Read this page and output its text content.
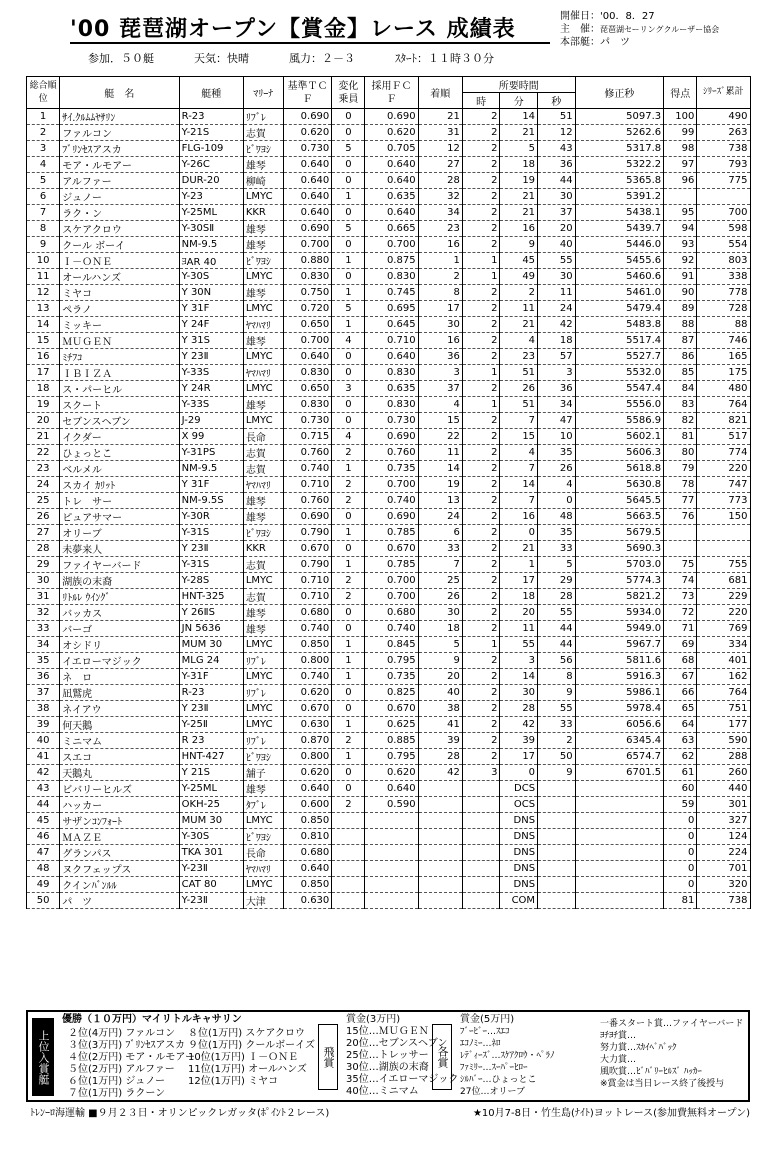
'00 琵琶湖オープン【賞金】レース 成績表
開催日：'00．8．27
主　催：琵琶湖セーリングクルーザー協会
本部艇：パ　ツ
参加．５０艇	天気：快晴	風力：２－３	ｽﾀｰﾄ：１１時３０分
総合順位	艇　名	艇種	ﾏﾘｰﾅ	基準ＴＣＦ	変化乗員	採用ＦＣＦ	着順	所要時間			修正秒	得点	ｼﾘｰｽﾞ累計	
								時	分	秒				
1	ｻｲ.ｸﾙﾑﾑﾔｻﾘﾝ	R-23	ﾘﾌﾞﾚ	0.690	0	0.690	21	2	14	51	5097.3	100	490	
2	ファルコン	Y-21S	志賀	0.620	0	0.620	31	2	21	12	5262.6	99	263	
3	ﾌﾞﾘﾝｾｽアスカ	FLG-109	ﾋﾞﾜﾖｼ	0.730	5	0.705	12	2	5	43	5317.8	98	738	
4	モア・ルモアー	Y-26C	雄琴	0.640	0	0.640	27	2	18	36	5322.2	97	793	
5	アルファー	DUR-20	柳崎	0.640	0	0.640	28	2	19	44	5365.8	96	775	
6	ジュノー	Y-23	LMYC	0.640	1	0.635	32	2	21	30	5391.2			
7	ラク・ン	Y-25ML	KKR	0.640	0	0.640	34	2	21	37	5438.1	95	700	
8	スケアクロウ	Y-30SⅡ	雄琴	0.690	5	0.665	23	2	16	20	5439.7	94	598	
9	クール ボーイ	NM-9.5	雄琴	0.700	0	0.700	16	2	9	40	5446.0	93	554	
10	Ｉ－ＯＮＥ	ﾖAR 40	ﾋﾞﾜﾖｼ	0.880	1	0.875	1	1	45	55	5455.6	92	803	
11	オールハンズ	Y-30S	LMYC	0.830	0	0.830	2	1	49	30	5460.6	91	338	
12	ミヤコ	Y 30N	雄琴	0.750	1	0.745	8	2	2	11	5461.0	90	778	
13	ペラノ	Y 31F	LMYC	0.720	5	0.695	17	2	11	24	5479.4	89	728	
14	ミッキー	Y 24F	ﾔﾏﾊﾏﾘ	0.650	1	0.645	30	2	21	42	5483.8	88	88	
15	ＭＵＧＥＮ	Y 31S	雄琴	0.700	4	0.710	16	2	4	18	5517.4	87	746	
16	ﾐﾁﾌｺ	Y 23Ⅱ	LMYC	0.640	0	0.640	36	2	23	57	5527.7	86	165	
17	ＩＢＩＺＡ	Y-33S	ﾔﾏﾊﾏﾘ	0.830	0	0.830	3	1	51	3	5532.0	85	175	
18	ス・パーヒル	Y 24R	LMYC	0.650	3	0.635	37	2	26	36	5547.4	84	480	
19	スクート	Y-33S	雄琴	0.830	0	0.830	4	1	51	34	5556.0	83	764	
20	セブンスヘブン	J-29	LMYC	0.730	0	0.730	15	2	7	47	5586.9	82	821	
21	イクダー	X 99	長命	0.715	4	0.690	22	2	15	10	5602.1	81	517	
22	ひょっとこ	Y-31PS	志賀	0.760	2	0.760	11	2	4	35	5606.3	80	774	
23	ベルメル	NM-9.5	志賀	0.740	1	0.735	14	2	7	26	5618.8	79	220	
24	スカイ ｶﾘｯﾄ	Y 31F	ﾔﾏﾊﾏﾘ	0.710	2	0.700	19	2	14	4	5630.8	78	747	
25	トレ　サー	NM-9.5S	雄琴	0.760	2	0.740	13	2	7	0	5645.5	77	773	
26	ピュアサマー	Y-30R	雄琴	0.690	0	0.690	24	2	16	48	5663.5	76	150	
27	オリーブ	Y-31S	ﾋﾞﾜﾖｼ	0.790	1	0.785	6	2	0	35	5679.5			
28	未夢来人	Y 23Ⅱ	KKR	0.670	0	0.670	33	2	21	33	5690.3			
29	ファイヤーバード	Y-31S	志賀	0.790	1	0.785	7	2	1	5	5703.0	75	755	
30	湖族の末裔	Y-28S	LMYC	0.710	2	0.700	25	2	17	29	5774.3	74	681	
31	ﾘﾄﾙﾚ ｳｲﾝｸﾞ	HNT-325	志賀	0.710	2	0.700	26	2	18	28	5821.2	73	229	
32	バッカス	Y 26ⅡS	雄琴	0.680	0	0.680	30	2	20	55	5934.0	72	220	
33	バーゴ	JN 5636	雄琴	0.740	0	0.740	18	2	11	44	5949.0	71	769	
34	オシドリ	MUM 30	LMYC	0.850	1	0.845	5	1	55	44	5967.7	69	334	
35	イエローマジック	MLG 24	ﾘﾌﾞﾚ	0.800	1	0.795	9	2	3	56	5811.6	68	401	
36	ネ　ロ	Y-31F	LMYC	0.740	1	0.735	20	2	14	8	5916.3	67	162	
37	凪鷲虎	R-23	ﾘﾌﾞﾚ	0.620	0	0.825	40	2	30	9	5986.1	66	764	
38	ネイアウ	Y 23Ⅱ	LMYC	0.670	0	0.670	38	2	28	55	5978.4	65	751	
39	何天鵝	Y-25Ⅱ	LMYC	0.630	1	0.625	41	2	42	33	6056.6	64	177	
40	ミニマム	R 23	ﾘﾌﾞﾚ	0.870	2	0.885	39	2	39	2	6345.4	63	590	
41	スエコ	HNT-427	ﾋﾞﾜﾖｼ	0.800	1	0.795	28	2	17	50	6574.7	62	288	
42	天鵝丸	Y 21S	舗子	0.620	0	0.620	42	3	0	9	6701.5	61	260	
43	ビバリーヒルズ	Y-25ML	雄琴	0.640	0	0.640			DCS			60	440	
44	ハッカー	OKH-25	ﾀﾌﾞﾚ	0.600	2	0.590			OCS			59	301	
45	サザンｺﾝﾌｫｰﾄ	MUM 30	LMYC	0.850					DNS			0	327	
46	ＭＡＺＥ	Y-30S	ﾋﾞﾜﾖｼ	0.810					DNS			0	124	
47	グランパス	TKA 301	長命	0.680					DNS			0	224	
48	ヌクフェップス	Y-23Ⅱ	ﾔﾏﾊﾏﾘ	0.640					DNS			0	701	
49	クインﾊﾞﾝﾙﾙ	CAT 80	LMYC	0.850					DNS			0	320	
50	パ　ツ	Y-23Ⅱ	大津	0.630					COM			81	738	
上位入賞艇
優勝（１０万円）マイリトルキャサリン
２位(4万円) ファルコン
３位(3万円) ﾌﾞﾘﾝｾｽアスカ
４位(2万円) モア・ルモアー
５位(2万円) アルファー
６位(1万円) ジュノー
７位(1万円) ラクーン
８位(1万円) スケアクロウ
９位(1万円) クールボーイズ
10位(1万円) Ｉ－ＯＮＥ
11位(1万円) オールハンズ
12位(1万円) ミヤコ
飛賞
賞金(3万円)
15位…ＭＵＧＥＮ
20位…セブンスヘブン
25位…トレッサー
30位…湖族の末裔
35位…イエローマジック
40位…ミニマム
各賞
賞金(5万円)
ﾌﾞｰﾋﾞｰ…ｽｴｺ
ｴｺﾉﾐｰ…ﾈﾛ
ﾚﾃﾞｨｰｽﾞ…ｽｹｱｸﾛｳ・ﾍﾟﾗﾉ
ﾌｧﾐﾘｰ…ｽｰﾊﾟｰﾋﾛｰ
ｼﾙﾊﾞｰ…ひょっとこ
27位…オリーブ
一番スタート賞…ファイヤーバード
ﾖﾁﾖﾁ賞…
努力賞…ｽｶｲﾍﾞﾊﾞｯｸ
大力賞…
風吹賞…ﾋﾞﾊﾞﾘｰﾋﾙｽﾞ ﾊｯｶｰ
※賞金は当日レース終了後授与
ﾄﾚﾝｰﾛ海運輸 ■９月２３日・オリンピックレガッタ(ﾎﾟｲﾝﾄ２レース)	★10月7-8日・竹生島(ﾅｲﾄ)ヨットレース(参加費無料オープン)
